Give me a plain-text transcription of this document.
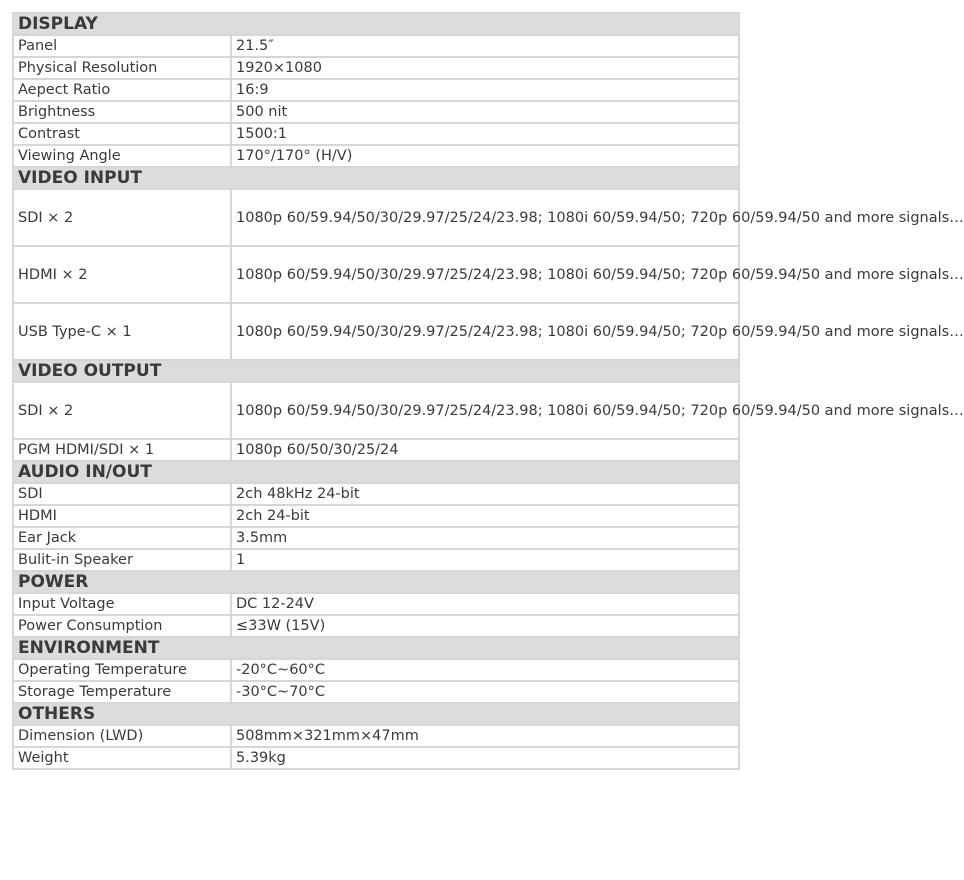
DISPLAY	
Panel	21.5″
Physical Resolution	1920×1080
Aepect Ratio	16:9
Brightness	500 nit
Contrast	1500:1
Viewing Angle	170°/170° (H/V)
VIDEO INPUT	
SDI × 2	1080p 60/59.94/50/30/29.97/25/24/23.98; 1080i 60/59.94/50; 720p 60/59.94/50 and more signals…
HDMI × 2	1080p 60/59.94/50/30/29.97/25/24/23.98; 1080i 60/59.94/50; 720p 60/59.94/50 and more signals…
USB Type-C × 1	1080p 60/59.94/50/30/29.97/25/24/23.98; 1080i 60/59.94/50; 720p 60/59.94/50 and more signals…
VIDEO OUTPUT	
SDI × 2	1080p 60/59.94/50/30/29.97/25/24/23.98; 1080i 60/59.94/50; 720p 60/59.94/50 and more signals…
PGM HDMI/SDI × 1	1080p 60/50/30/25/24
AUDIO IN/OUT	
SDI	2ch 48kHz 24-bit
HDMI	2ch 24-bit
Ear Jack	3.5mm
Bulit-in Speaker	1
POWER	
Input Voltage	DC 12-24V
Power Consumption	≤33W (15V)
ENVIRONMENT	
Operating Temperature	-20°C~60°C
Storage Temperature	-30°C~70°C
OTHERS	
Dimension (LWD)	508mm×321mm×47mm
Weight	5.39kg
